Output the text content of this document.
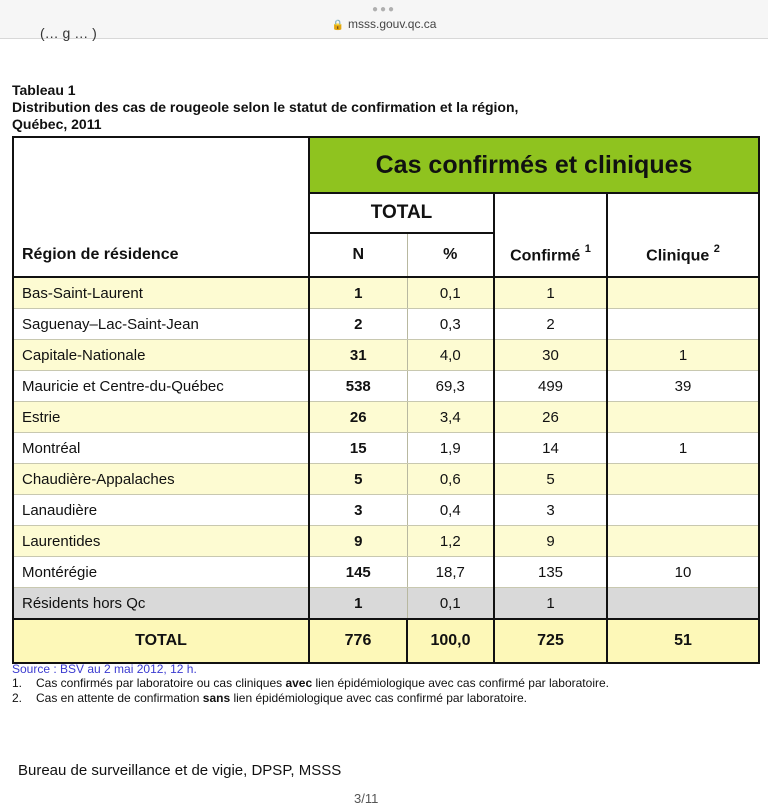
●●●
🔒 msss.gouv.qc.ca
(… g … )
Tableau 1
Distribution des cas de rougeole selon le statut de confirmation et la région,
Québec, 2011
Région de résidence	Cas confirmés et cliniques			
	TOTAL		Confirmé $^1$	Clinique $^2$
	N	%		
Bas-Saint-Laurent	1	0,1	1	
Saguenay–Lac-Saint-Jean	2	0,3	2	
Capitale-Nationale	31	4,0	30	1
Mauricie et Centre-du-Québec	538	69,3	499	39
Estrie	26	3,4	26	
Montréal	15	1,9	14	1
Chaudière-Appalaches	5	0,6	5	
Lanaudière	3	0,4	3	
Laurentides	9	1,2	9	
Montérégie	145	18,7	135	10
Résidents hors Qc	1	0,1	1	
TOTAL	776	100,0	725	51
Source : BSV au 2 mai 2012, 12 h.
1. Cas confirmés par laboratoire ou cas cliniques avec lien épidémiologique avec cas confirmé par laboratoire.
2. Cas en attente de confirmation sans lien épidémiologique avec cas confirmé par laboratoire.
Bureau de surveillance et de vigie, DPSP, MSSS
3/11
